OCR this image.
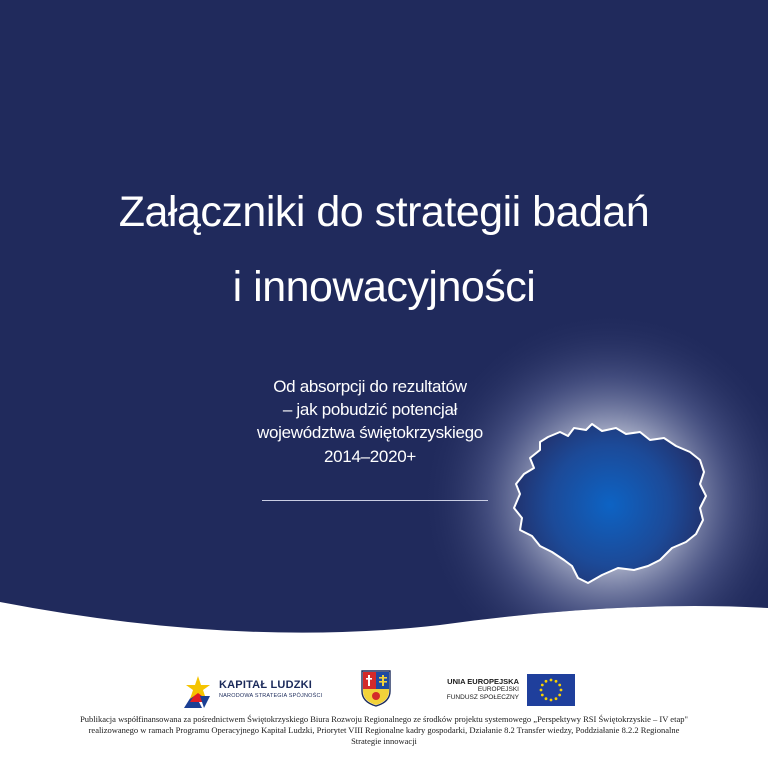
Załączniki do strategii badań
i innowacyjności
Od absorpcji do rezultatów
– jak pobudzić potencjał
województwa świętokrzyskiego
2014–2020+
KAPITAŁ LUDZKI
NARODOWA STRATEGIA SPÓJNOŚCI
UNIA EUROPEJSKA
EUROPEJSKI
FUNDUSZ SPOŁECZNY
Publikacja współfinansowana za pośrednictwem Świętokrzyskiego Biura Rozwoju Regionalnego ze środków projektu systemowego „Perspektywy RSI Świętokrzyskie – IV etap"
realizowanego w ramach Programu Operacyjnego Kapitał Ludzki, Priorytet VIII Regionalne kadry gospodarki, Działanie 8.2 Transfer wiedzy, Poddziałanie 8.2.2 Regionalne
Strategie innowacji
